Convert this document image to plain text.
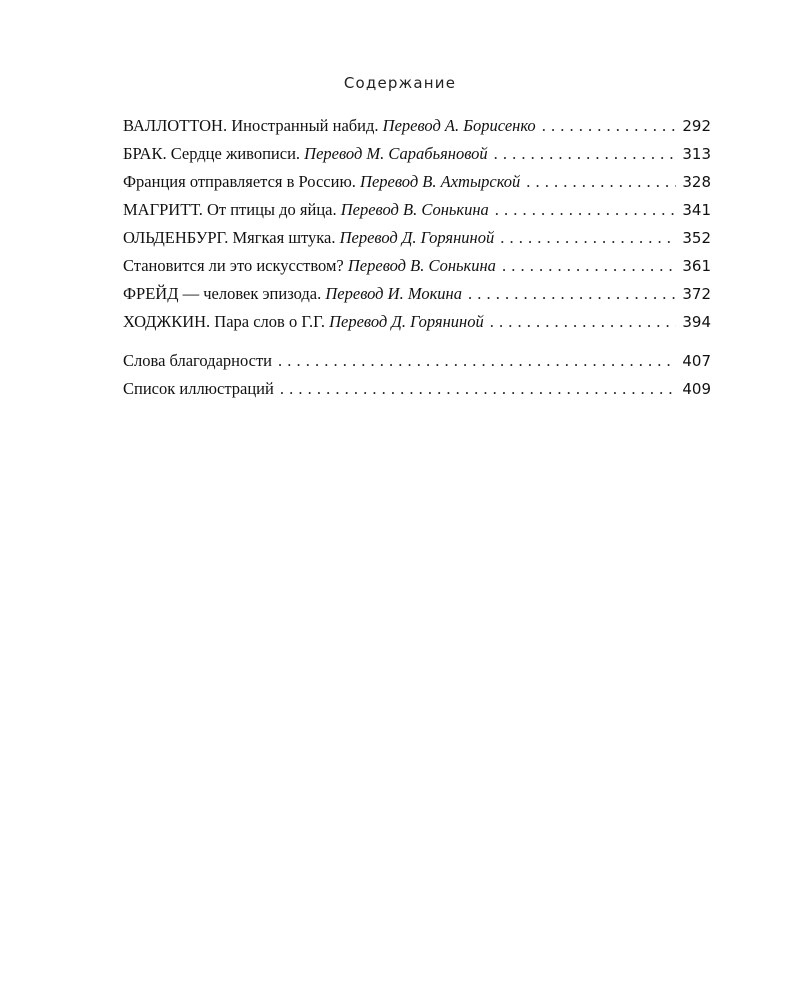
Содержание
ВАЛЛОТТОН. Иностранный набид. Перевод А. Борисенко . . .	292
БРАК. Сердце живописи. Перевод М. Сарабьяновой . . .	313
Франция отправляется в Россию. Перевод В. Ахтырской . . .	328
МАГРИТТ. От птицы до яйца. Перевод В. Сонькина . . .	341
ОЛЬДЕНБУРГ. Мягкая штука. Перевод Д. Горяниной . . .	352
Становится ли это искусством? Перевод В. Сонькина . . .	361
ФРЕЙД — человек эпизода. Перевод И. Мокина . . .	372
ХОДЖКИН. Пара слов о Г.Г. Перевод Д. Горяниной . . .	394
Слова благодарности . . .	407
Список иллюстраций . . .	409
